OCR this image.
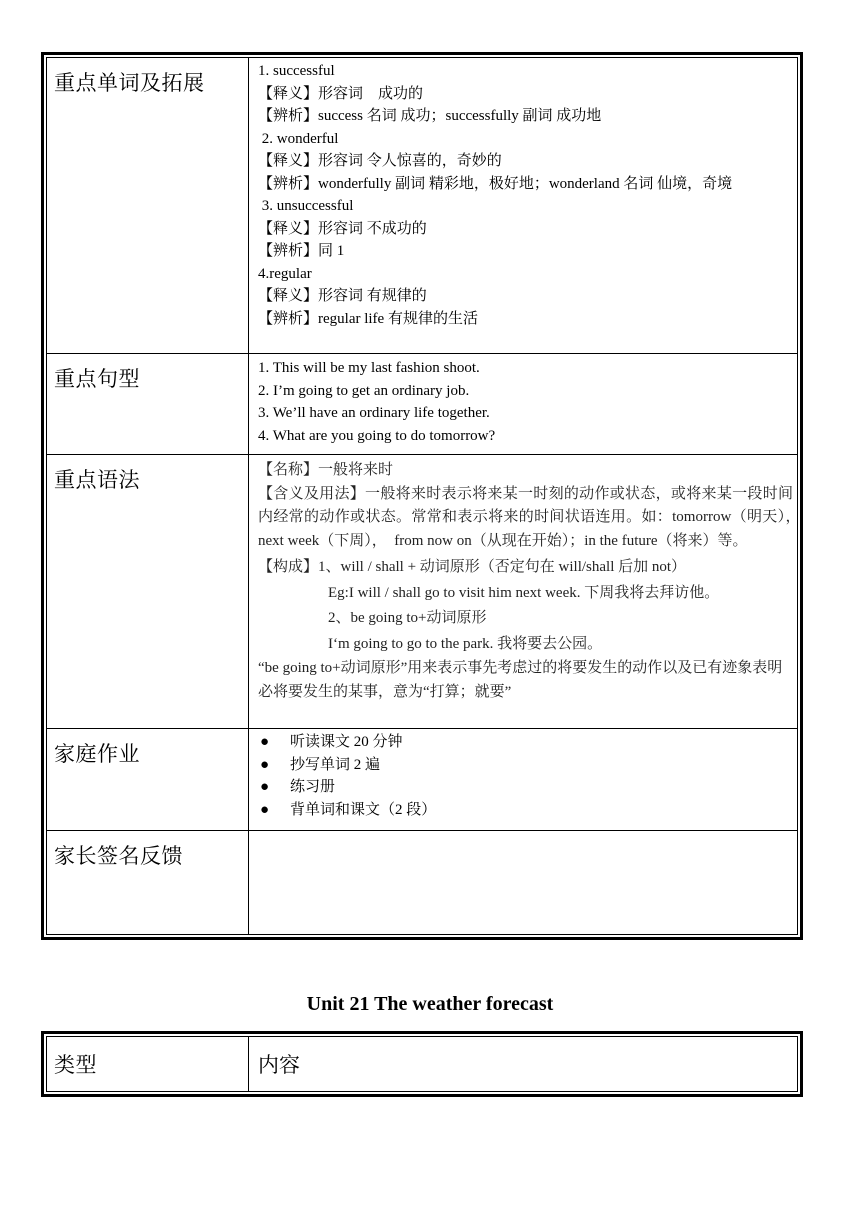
重点单词及拓展	1. successful
【释义】形容词　成功的
【辨析】success 名词 成功；successfully 副词 成功地
2. wonderful
【释义】形容词 令人惊喜的，奇妙的
【辨析】wonderfully 副词 精彩地，极好地；wonderland 名词 仙境，奇境
3. unsuccessful
【释义】形容词 不成功的
【辨析】同 1
4.regular
【释义】形容词 有规律的
【辨析】regular life 有规律的生活
重点句型	1. This will be my last fashion shoot.
2. I’m going to get an ordinary job.
3. We’ll have an ordinary life together.
4. What are you going to do tomorrow?
重点语法	【名称】一般将来时
【含义及用法】一般将来时表示将来某一时刻的动作或状态，或将来某一段时间内经常的动作或状态。常常和表示将来的时间状语连用。如：tomorrow（明天），　next week（下周），　from now on（从现在开始）；in the future（将来）等。
【构成】1、will / shall + 动词原形（否定句在 will/shall 后加 not）
Eg:I will / shall go to visit him next week. 下周我将去拜访他。
2、be going to+动词原形
I‘m going to go to the park. 我将要去公园。
“be going to+动词原形”用来表示事先考虑过的将要发生的动作以及已有迹象表明必将要发生的某事，意为“打算；就要”
家庭作业	● 听读课文 20 分钟
● 抄写单词 2 遍
● 练习册
● 背单词和课文（2 段）
家长签名反馈
Unit 21 The weather forecast
类型	内容
